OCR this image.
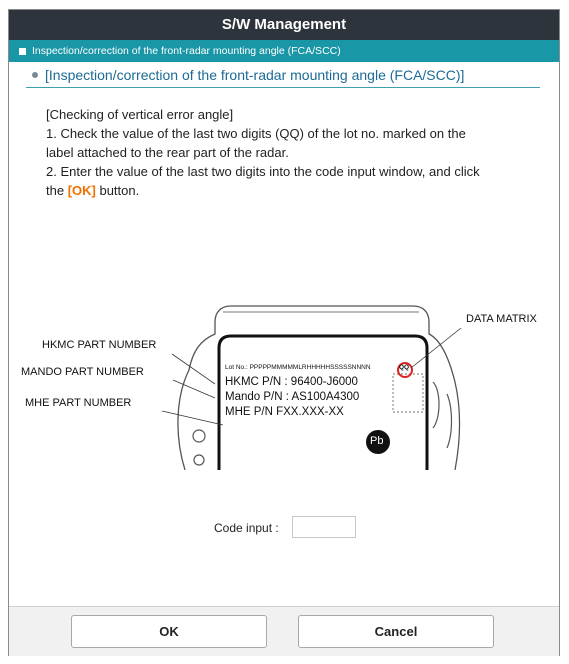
S/W Management
Inspection/correction of the front-radar mounting angle (FCA/SCC)
[Inspection/correction of the front-radar mounting angle (FCA/SCC)]
[Checking of vertical error angle]
1. Check the value of the last two digits (QQ) of the lot no. marked on the
label attached to the rear part of the radar.
2. Enter the value of the last two digits into the code input window, and click
the [OK] button.
HKMC PART NUMBER
MANDO PART NUMBER
MHE PART NUMBER
DATA MATRIX
Lot No.: PPPPPMMMMMLRHHHHHSSSSSNNNN	QQ
HKMC P/N : 96400-J6000
Mando P/N : AS100A4300
MHE P/N FXX.XXX-XX
Pb
Code input :
OK	Cancel
